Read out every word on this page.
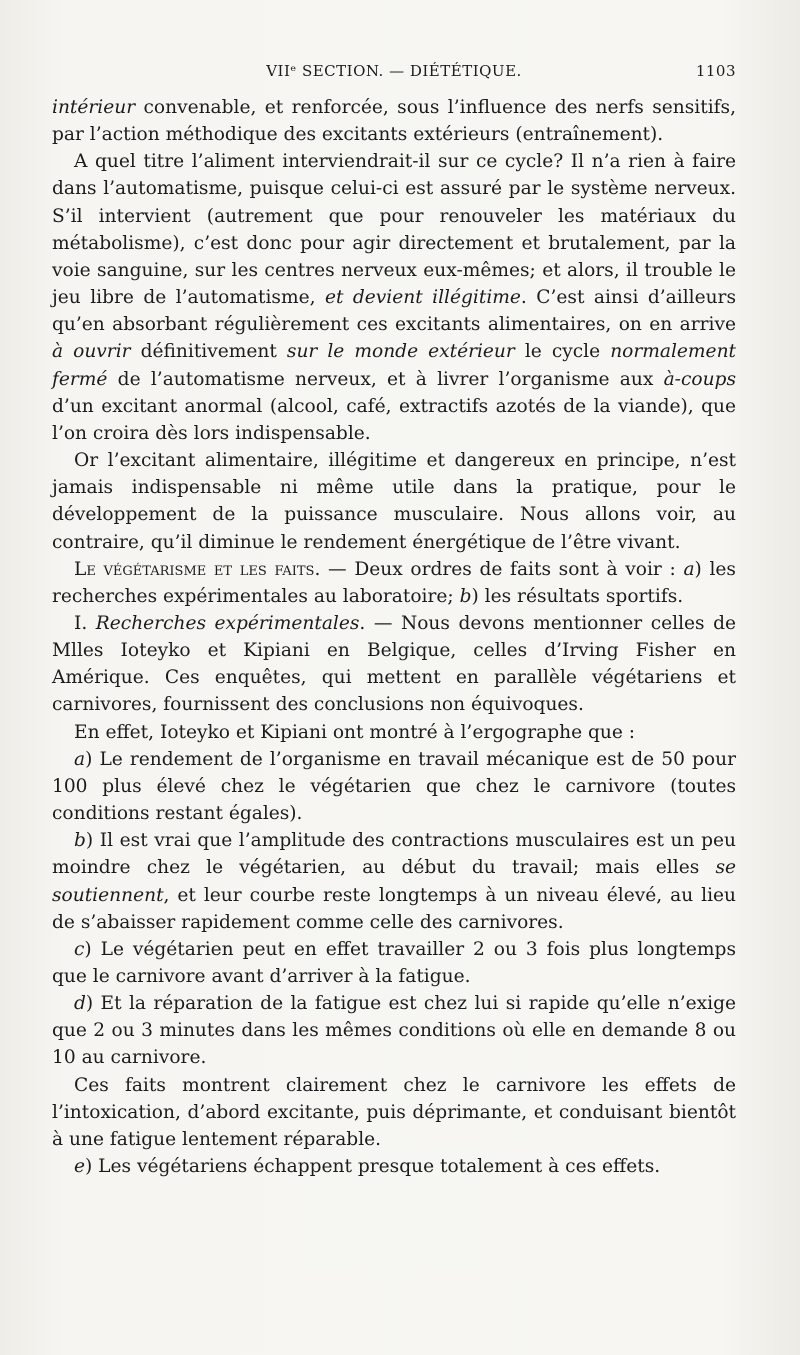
VIIᵉ SECTION. — DIÉTÉTIQUE.	1103

intérieur convenable, et renforcée, sous l’influence des nerfs sensitifs, par l’action méthodique des excitants extérieurs (entraînement).

A quel titre l’aliment interviendrait-il sur ce cycle? Il n’a rien à faire dans l’automatisme, puisque celui-ci est assuré par le système nerveux. S’il intervient (autrement que pour renouveler les matériaux du métabolisme), c’est donc pour agir directement et brutalement, par la voie sanguine, sur les centres nerveux eux-mêmes; et alors, il trouble le jeu libre de l’automatisme, et devient illégitime. C’est ainsi d’ailleurs qu’en absorbant régulièrement ces excitants alimentaires, on en arrive à ouvrir définitivement sur le monde extérieur le cycle normalement fermé de l’automatisme nerveux, et à livrer l’organisme aux à-coups d’un excitant anormal (alcool, café, extractifs azotés de la viande), que l’on croira dès lors indispensable.

Or l’excitant alimentaire, illégitime et dangereux en principe, n’est jamais indispensable ni même utile dans la pratique, pour le développement de la puissance musculaire. Nous allons voir, au contraire, qu’il diminue le rendement énergétique de l’être vivant.

Le végétarisme et les faits. — Deux ordres de faits sont à voir : a) les recherches expérimentales au laboratoire; b) les résultats sportifs.

I. Recherches expérimentales. — Nous devons mentionner celles de Mlles Ioteyko et Kipiani en Belgique, celles d’Irving Fisher en Amérique. Ces enquêtes, qui mettent en parallèle végétariens et carnivores, fournissent des conclusions non équivoques.

En effet, Ioteyko et Kipiani ont montré à l’ergographe que :

a) Le rendement de l’organisme en travail mécanique est de 50 pour 100 plus élevé chez le végétarien que chez le carnivore (toutes conditions restant égales).

b) Il est vrai que l’amplitude des contractions musculaires est un peu moindre chez le végétarien, au début du travail; mais elles se soutiennent, et leur courbe reste longtemps à un niveau élevé, au lieu de s’abaisser rapidement comme celle des carnivores.

c) Le végétarien peut en effet travailler 2 ou 3 fois plus longtemps que le carnivore avant d’arriver à la fatigue.

d) Et la réparation de la fatigue est chez lui si rapide qu’elle n’exige que 2 ou 3 minutes dans les mêmes conditions où elle en demande 8 ou 10 au carnivore.

Ces faits montrent clairement chez le carnivore les effets de l’intoxication, d’abord excitante, puis déprimante, et conduisant bientôt à une fatigue lentement réparable.

e) Les végétariens échappent presque totalement à ces effets.
